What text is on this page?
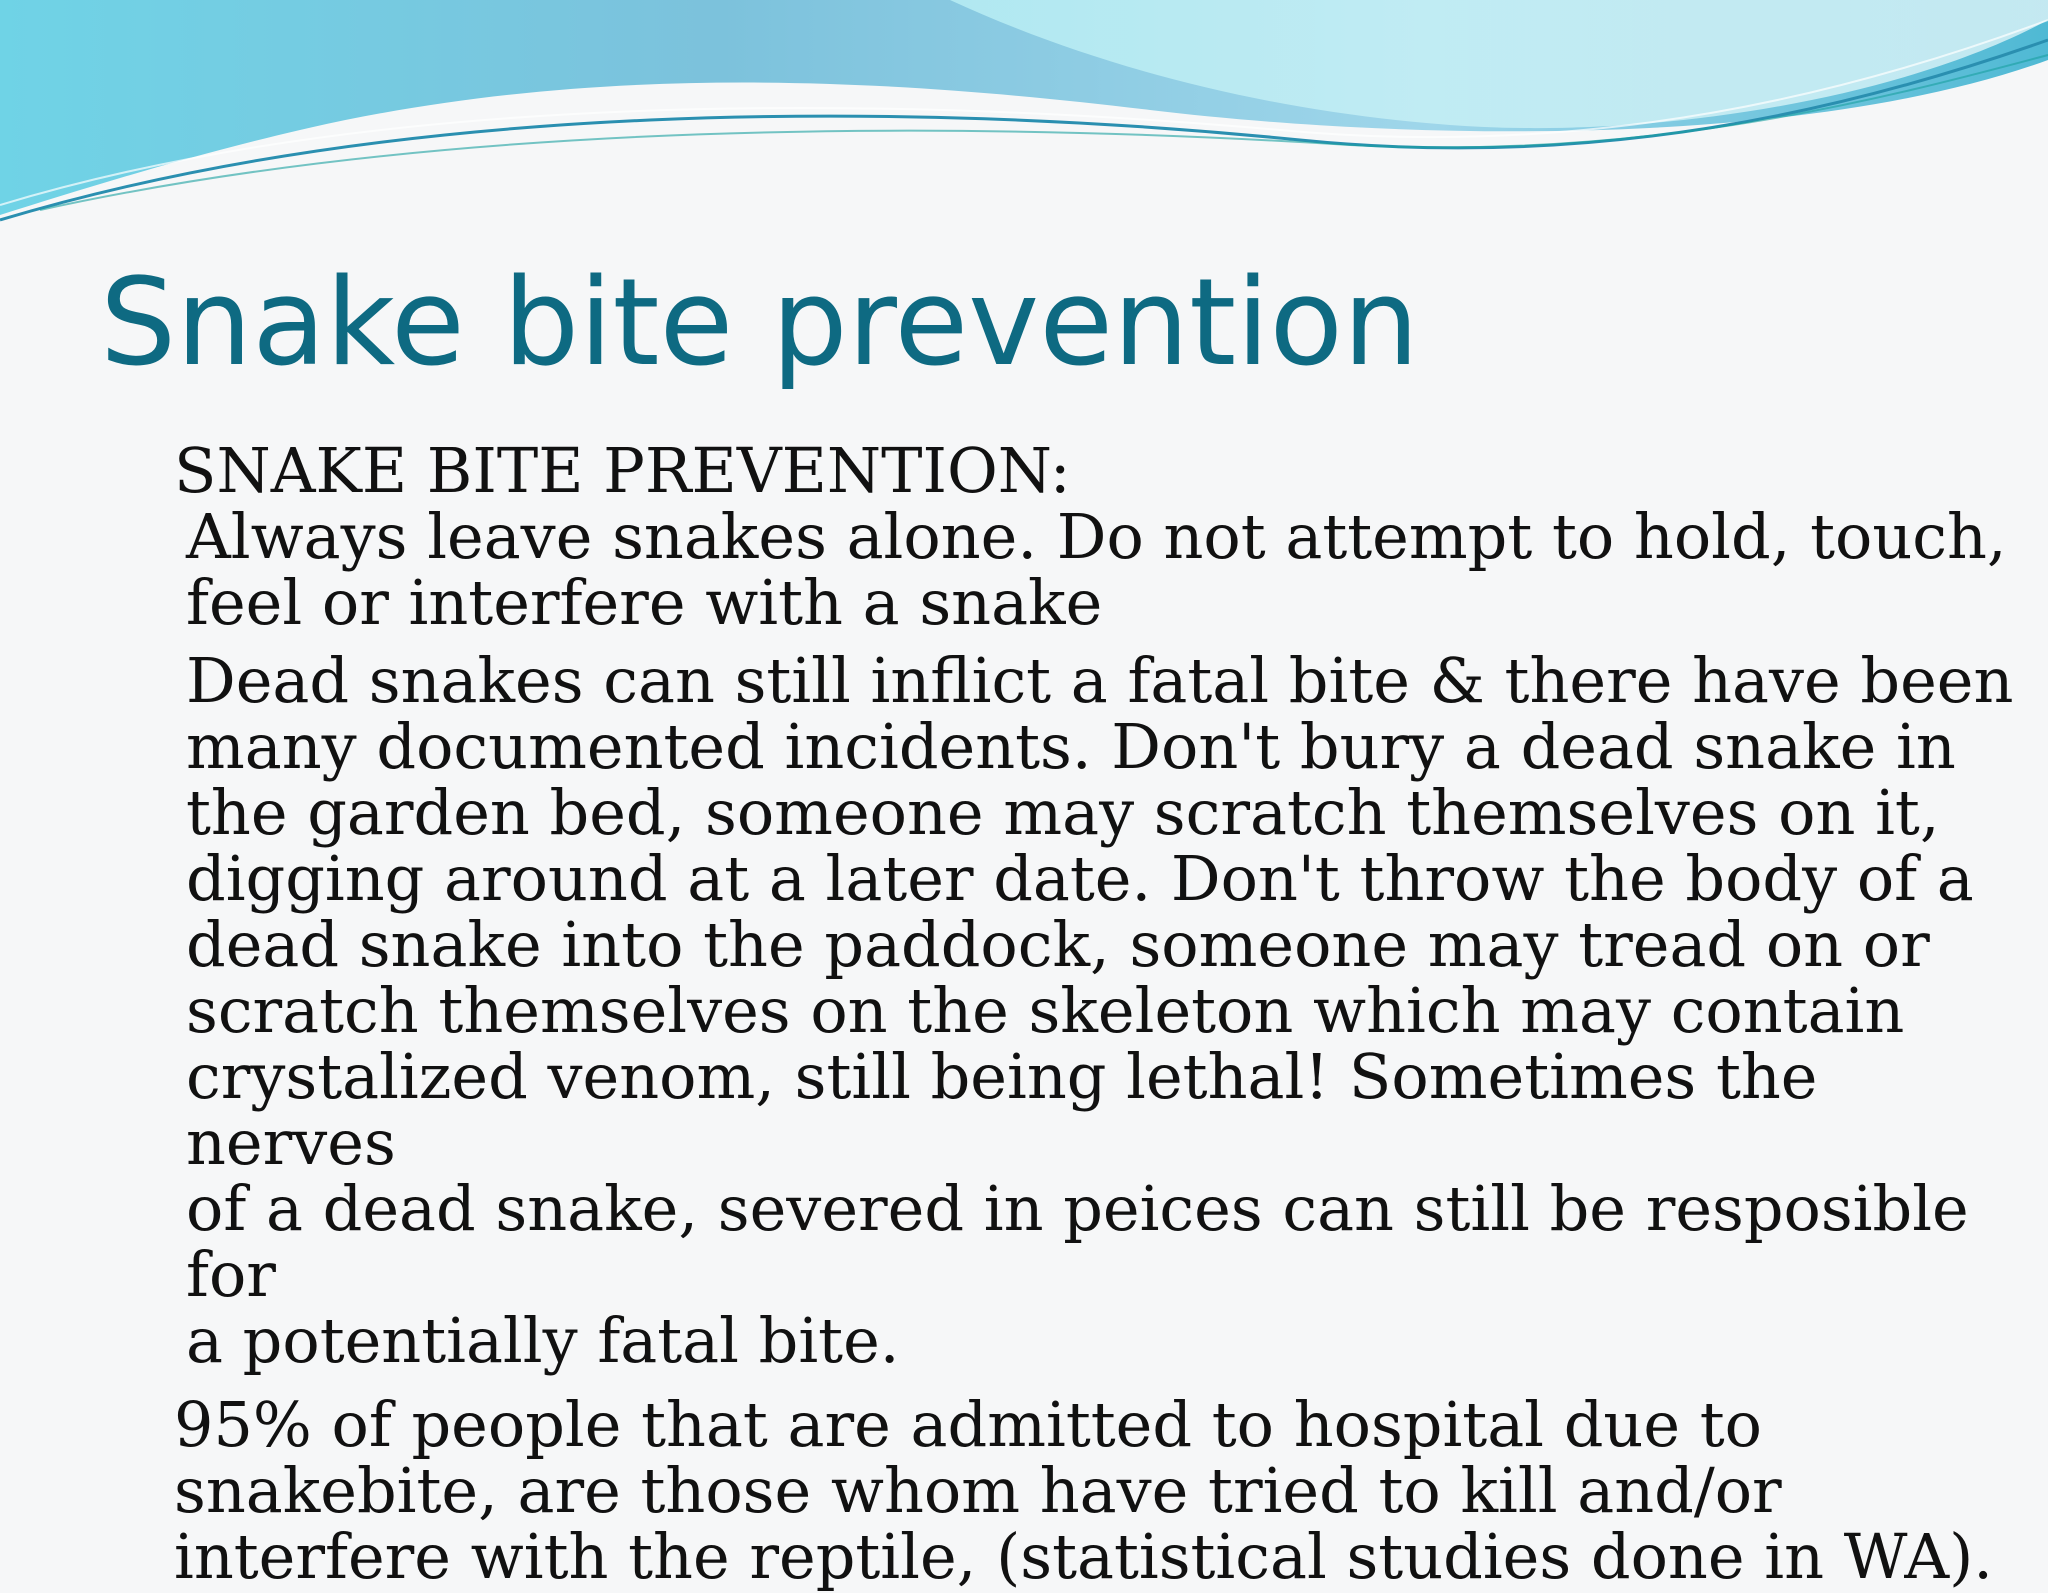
Snake bite prevention

SNAKE BITE PREVENTION:

Always leave snakes alone. Do not attempt to hold, touch,
feel or interfere with a snake

Dead snakes can still inflict a fatal bite & there have been
many documented incidents. Don't bury a dead snake in
the garden bed, someone may scratch themselves on it,
digging around at a later date. Don't throw the body of a
dead snake into the paddock, someone may tread on or
scratch themselves on the skeleton which may contain
crystalized venom, still being lethal! Sometimes the nerves
of a dead snake, severed in peices can still be resposible for
a potentially fatal bite.

95% of people that are admitted to hospital due to
snakebite, are those whom have tried to kill and/or
interfere with the reptile, (statistical studies done in WA).
